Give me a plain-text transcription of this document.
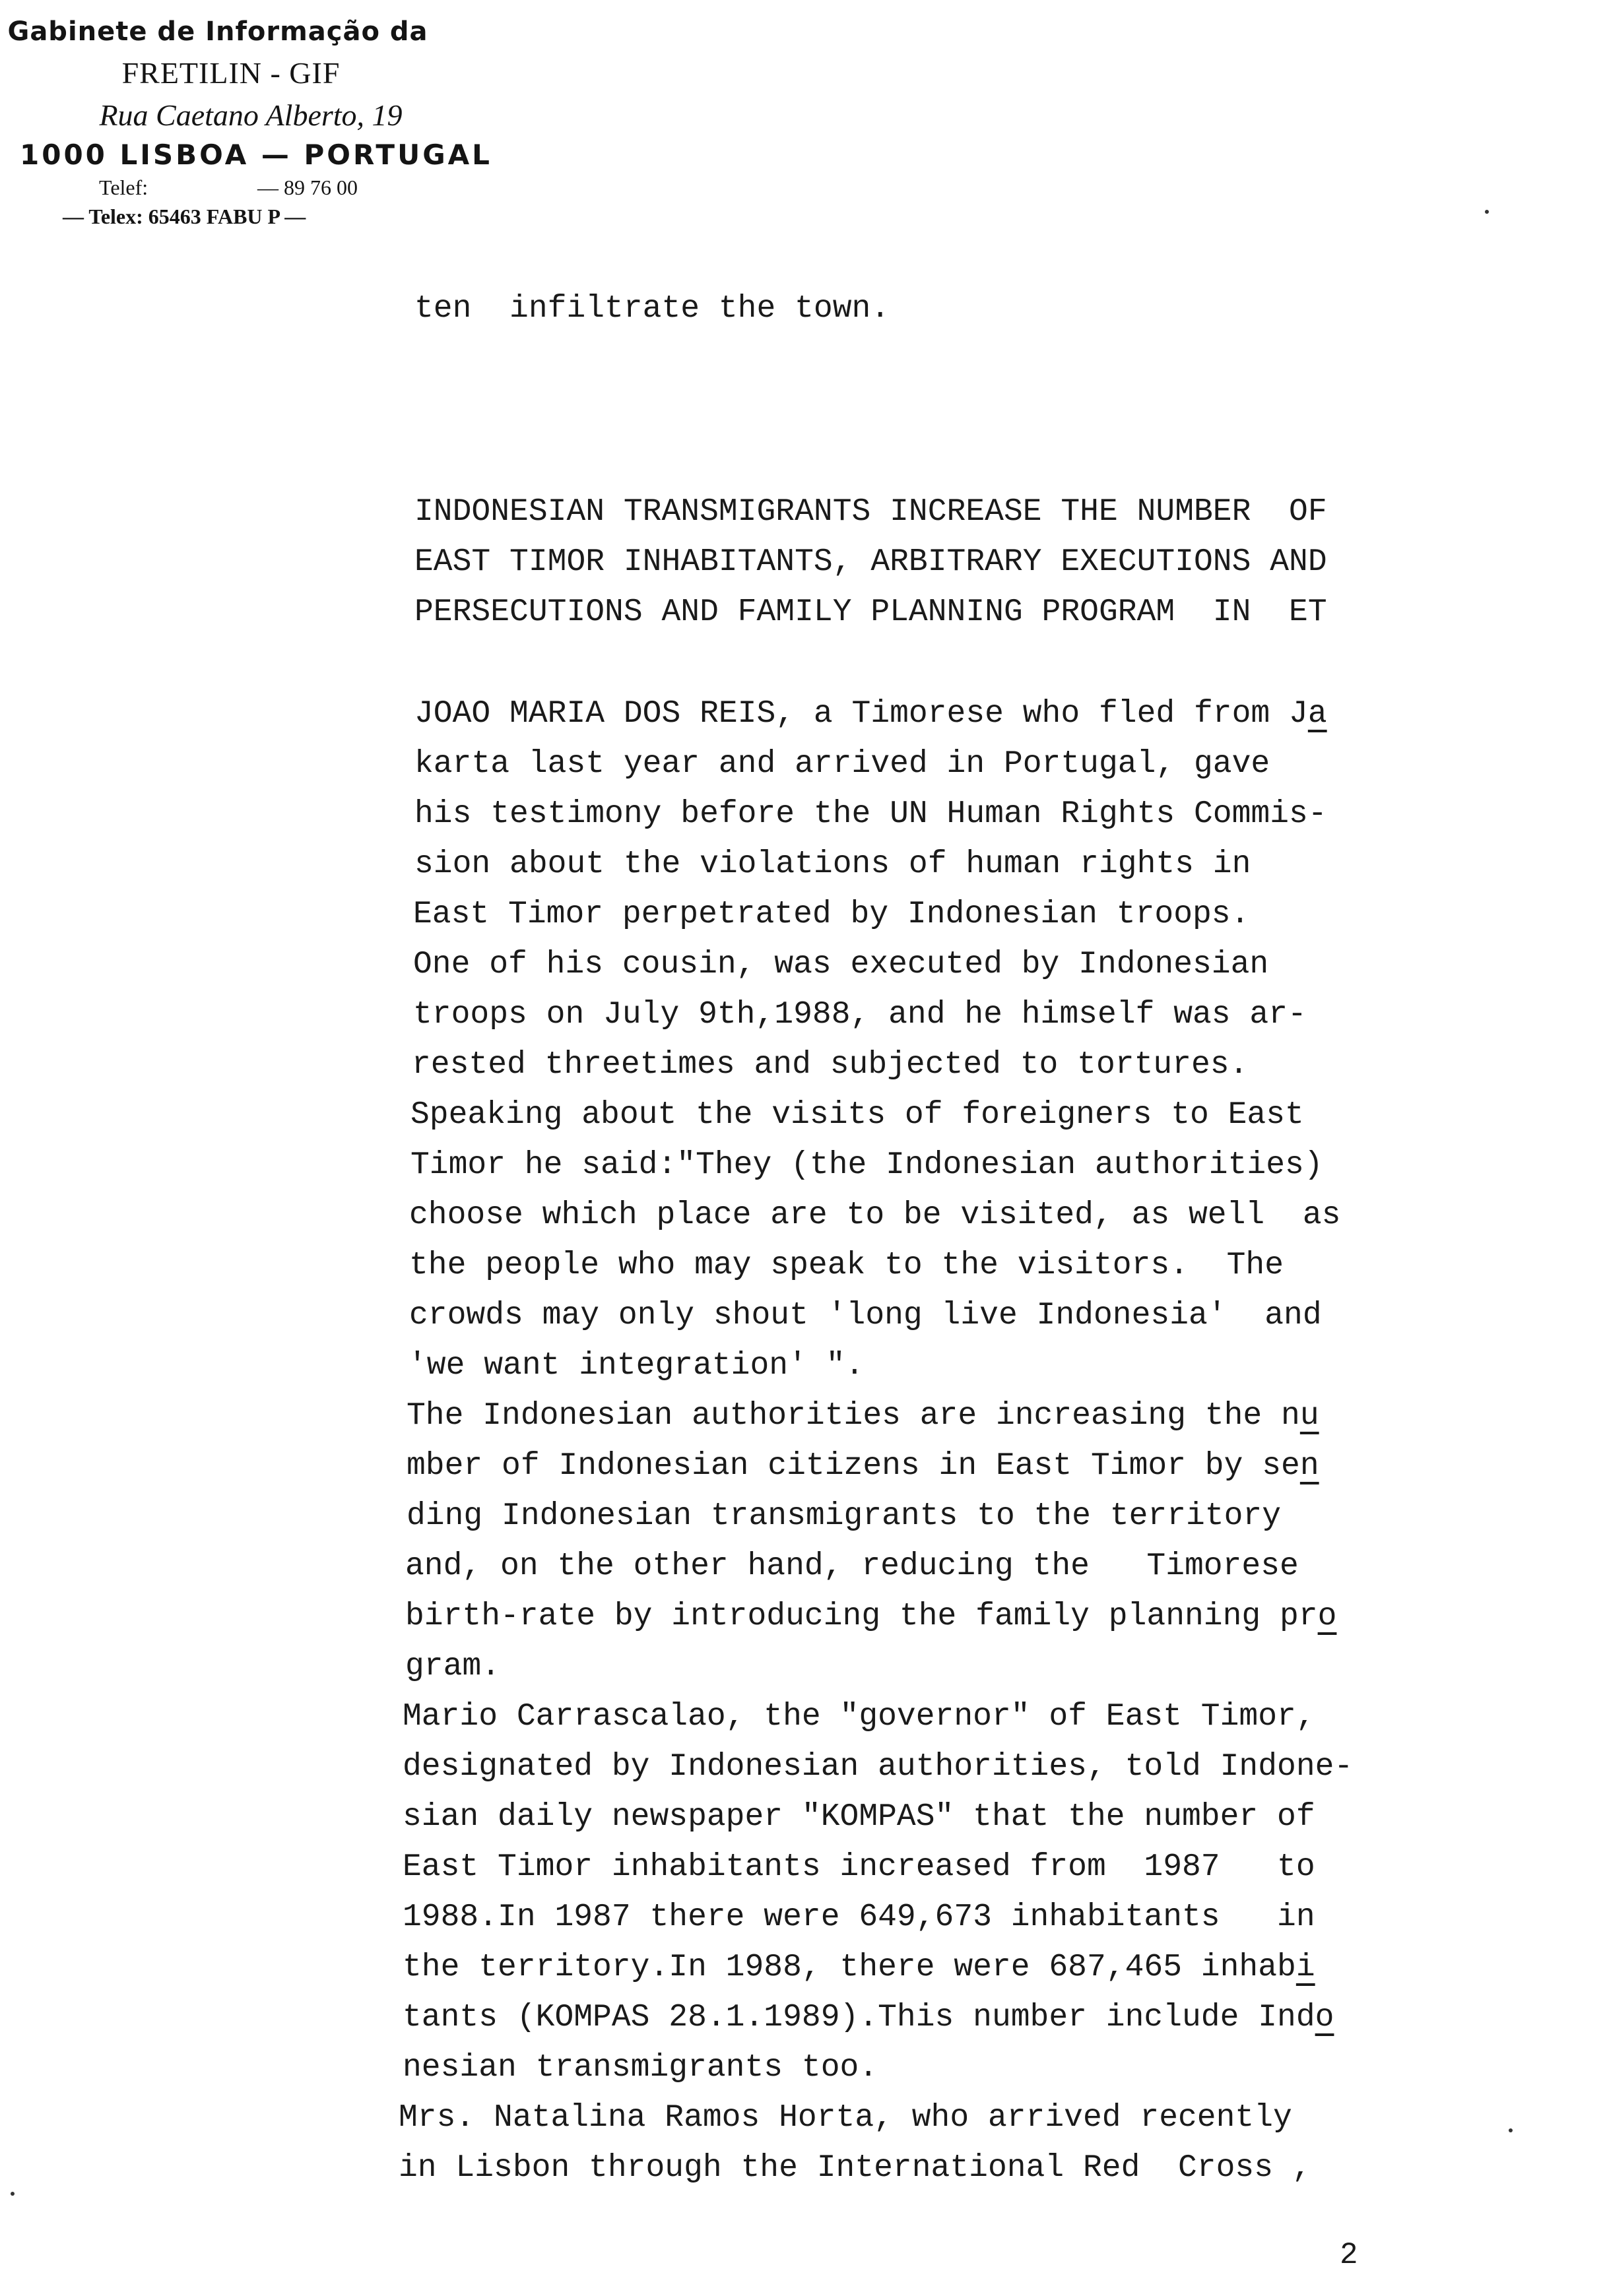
Gabinete de Informação da
FRETILIN - GIF
Rua Caetano Alberto, 19
1000 LISBOA — PORTUGAL
Telef:	— 89 76 00
— Telex: 65463 FABU P —

ten  infiltrate the town.

INDONESIAN TRANSMIGRANTS INCREASE THE NUMBER  OF

EAST TIMOR INHABITANTS, ARBITRARY EXECUTIONS AND

PERSECUTIONS AND FAMILY PLANNING PROGRAM  IN  ET

JOAO MARIA DOS REIS, a Timorese who fled from Ja

karta last year and arrived in Portugal, gave

his testimony before the UN Human Rights Commis-

sion about the violations of human rights in

East Timor perpetrated by Indonesian troops.

One of his cousin, was executed by Indonesian

troops on July 9th,1988, and he himself was ar-

rested threetimes and subjected to tortures.

Speaking about the visits of foreigners to East

Timor he said:"They (the Indonesian authorities)

choose which place are to be visited, as well  as

the people who may speak to the visitors.  The

crowds may only shout 'long live Indonesia'  and

'we want integration' ".

The Indonesian authorities are increasing the nu

mber of Indonesian citizens in East Timor by sen

ding Indonesian transmigrants to the territory

and, on the other hand, reducing the   Timorese

birth-rate by introducing the family planning pro

gram.

Mario Carrascalao, the "governor" of East Timor,

designated by Indonesian authorities, told Indone-

sian daily newspaper "KOMPAS" that the number of

East Timor inhabitants increased from  1987   to

1988.In 1987 there were 649,673 inhabitants   in

the territory.In 1988, there were 687,465 inhabi

tants (KOMPAS 28.1.1989).This number include Indo

nesian transmigrants too.

Mrs. Natalina Ramos Horta, who arrived recently

in Lisbon through the International Red  Cross ,

2
